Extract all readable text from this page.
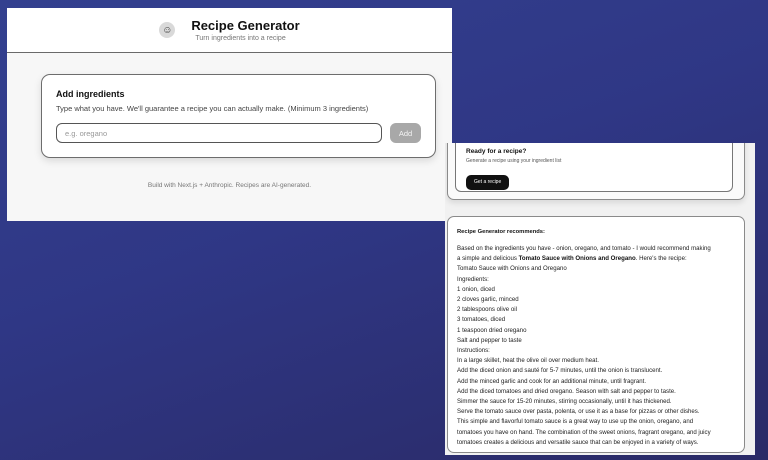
☺ Recipe Generator
Turn ingredients into a recipe
Add ingredients
Type what you have. We'll guarantee a recipe you can actually make. (Minimum 3 ingredients)
e.g. oregano
Add
Build with Next.js + Anthropic. Recipes are AI-generated.
Ready for a recipe?
Generate a recipe using your ingredient list
Get a recipe
Recipe Generator recommends:
Based on the ingredients you have - onion, oregano, and tomato - I would recommend making
a simple and delicious Tomato Sauce with Onions and Oregano. Here's the recipe:
Tomato Sauce with Onions and Oregano
Ingredients:
1 onion, diced
2 cloves garlic, minced
2 tablespoons olive oil
3 tomatoes, diced
1 teaspoon dried oregano
Salt and pepper to taste
Instructions:
In a large skillet, heat the olive oil over medium heat.
Add the diced onion and sauté for 5-7 minutes, until the onion is translucent.
Add the minced garlic and cook for an additional minute, until fragrant.
Add the diced tomatoes and dried oregano. Season with salt and pepper to taste.
Simmer the sauce for 15-20 minutes, stirring occasionally, until it has thickened.
Serve the tomato sauce over pasta, polenta, or use it as a base for pizzas or other dishes.
This simple and flavorful tomato sauce is a great way to use up the onion, oregano, and
tomatoes you have on hand. The combination of the sweet onions, fragrant oregano, and juicy
tomatoes creates a delicious and versatile sauce that can be enjoyed in a variety of ways.
